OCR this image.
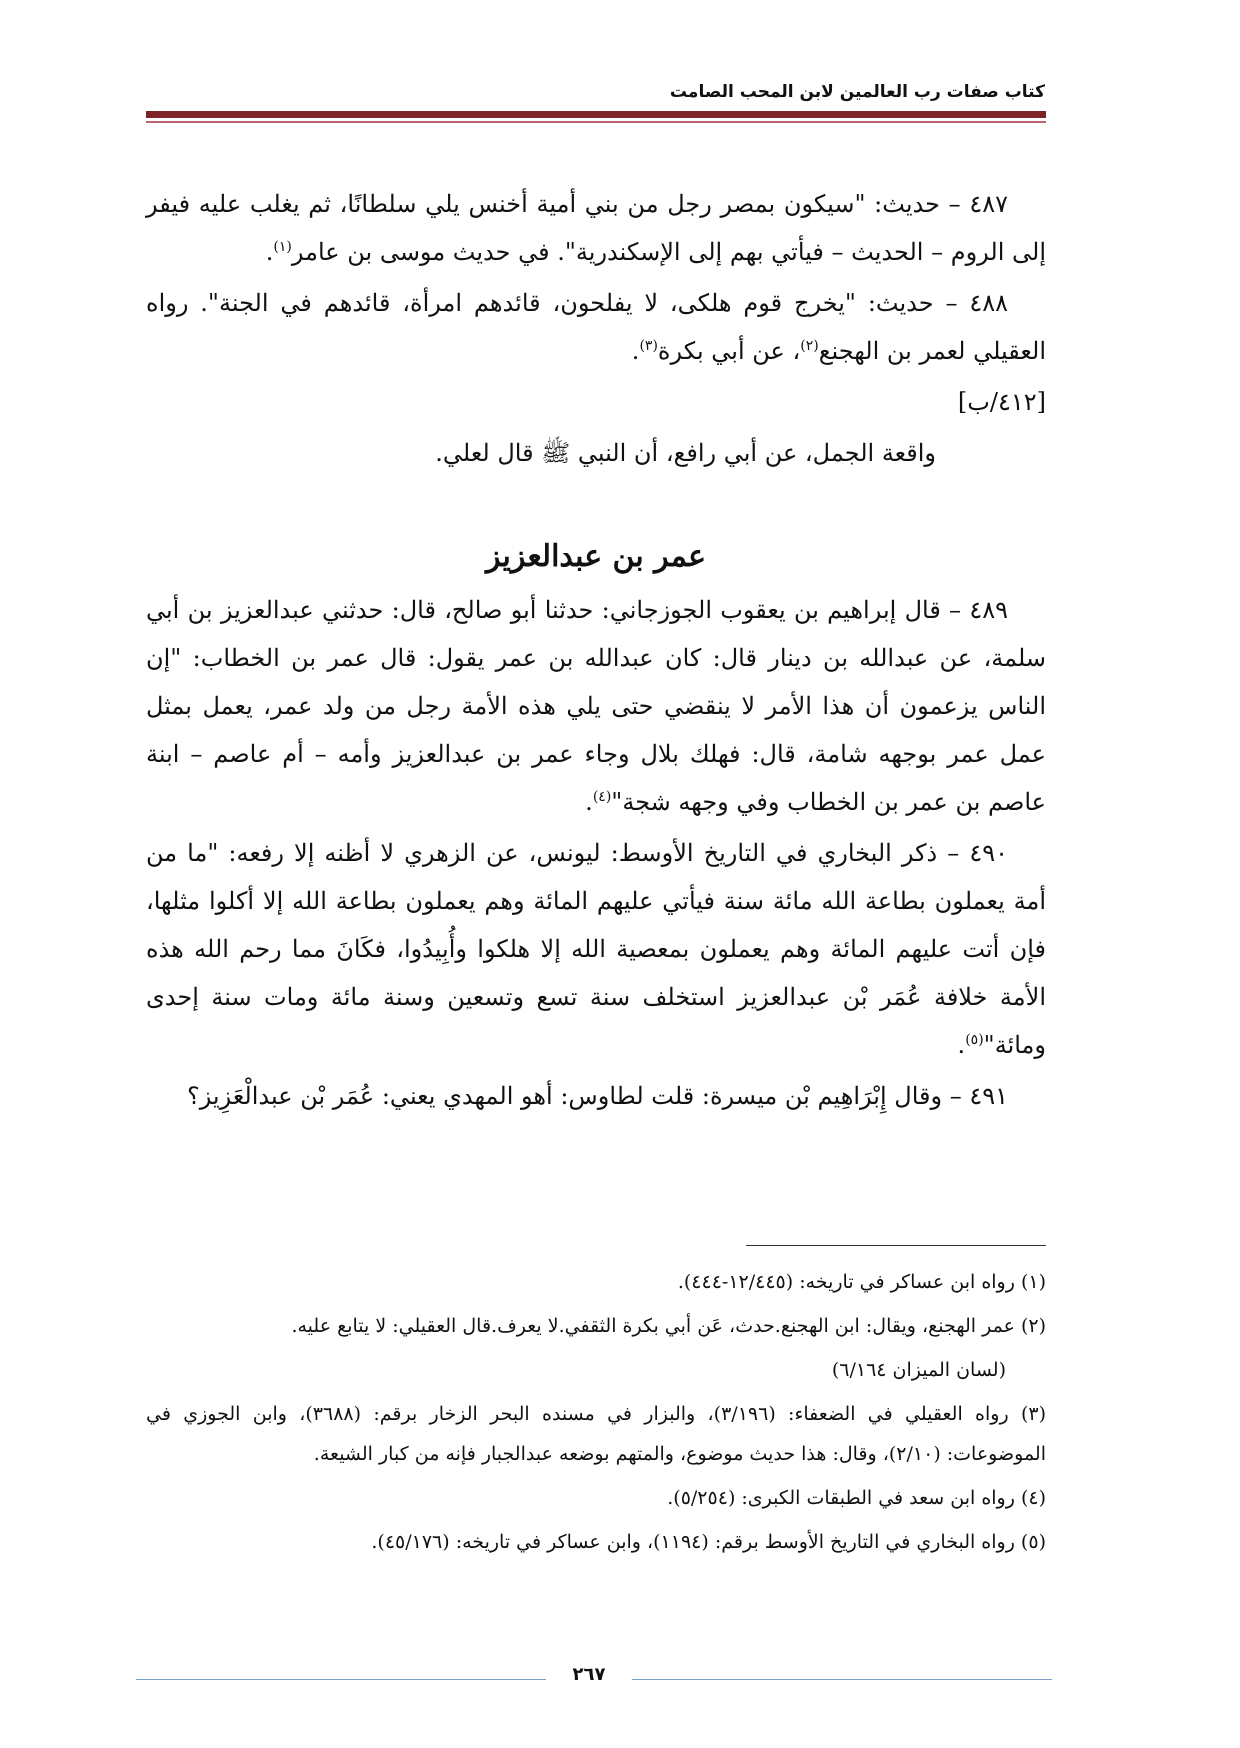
كتاب صفات رب العالمين لابن المحب الصامت

٤٨٧ – حديث: "سيكون بمصر رجل من بني أمية أخنس يلي سلطانًا، ثم يغلب عليه فيفر إلى الروم – الحديث – فيأتي بهم إلى الإسكندرية". في حديث موسى بن عامر$^{(١)}$.

٤٨٨ – حديث: "يخرج قوم هلكى، لا يفلحون، قائدهم امرأة، قائدهم في الجنة". رواه العقيلي لعمر بن الهجنع$^{(٢)}$، عن أبي بكرة$^{(٣)}$.

[٤١٢/ب]

واقعة الجمل، عن أبي رافع، أن النبي ﷺ قال لعلي.

عمر بن عبدالعزيز

٤٨٩ – قال إبراهيم بن يعقوب الجوزجاني: حدثنا أبو صالح، قال: حدثني عبدالعزيز بن أبي سلمة، عن عبدالله بن دينار قال: كان عبدالله بن عمر يقول: قال عمر بن الخطاب: "إن الناس يزعمون أن هذا الأمر لا ينقضي حتى يلي هذه الأمة رجل من ولد عمر، يعمل بمثل عمل عمر بوجهه شامة، قال: فهلك بلال وجاء عمر بن عبدالعزيز وأمه – أم عاصم – ابنة عاصم بن عمر بن الخطاب وفي وجهه شجة"$^{(٤)}$.

٤٩٠ – ذكر البخاري في التاريخ الأوسط: ليونس، عن الزهري لا أظنه إلا رفعه: "ما من أمة يعملون بطاعة الله مائة سنة فيأتي عليهم المائة وهم يعملون بطاعة الله إلا أكلوا مثلها، فإن أتت عليهم المائة وهم يعملون بمعصية الله إلا هلكوا وأُبِيدُوا، فكَانَ مما رحم الله هذه الأمة خلافة عُمَر بْن عبدالعزيز استخلف سنة تسع وتسعين وسنة مائة ومات سنة إحدى ومائة"$^{(٥)}$.

٤٩١ – وقال إِبْرَاهِيم بْن ميسرة: قلت لطاوس: أهو المهدي يعني: عُمَر بْن عبدالْعَزِيز؟

(١) رواه ابن عساكر في تاريخه: (١٢/٤٤٥-٤٤٤).

(٢) عمر الهجنع، ويقال: ابن الهجنع.حدث، عَن أبي بكرة الثقفي.لا يعرف.قال العقيلي: لا يتابع عليه.

(لسان الميزان ٦/١٦٤)

(٣) رواه العقيلي في الضعفاء: (٣/١٩٦)، والبزار في مسنده البحر الزخار برقم: (٣٦٨٨)، وابن الجوزي في الموضوعات: (٢/١٠)، وقال: هذا حديث موضوع، والمتهم بوضعه عبدالجبار فإنه من كبار الشيعة.

(٤) رواه ابن سعد في الطبقات الكبرى: (٥/٢٥٤).

(٥) رواه البخاري في التاريخ الأوسط برقم: (١١٩٤)، وابن عساكر في تاريخه: (٤٥/١٧٦).

٢٦٧
